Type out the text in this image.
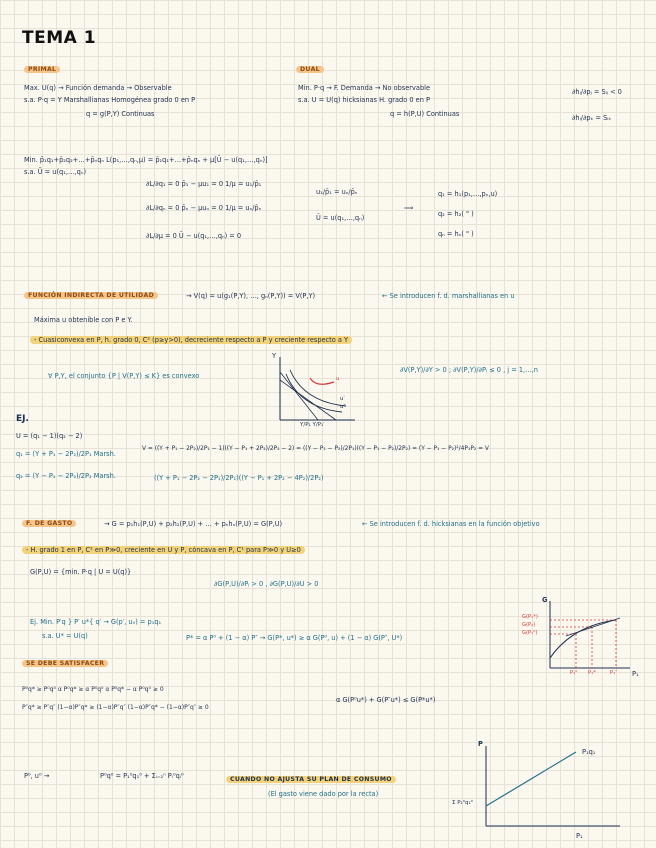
TEMA 1
PRIMAL
Max. U(q) → Función demanda → Observable
s.a. P·q = Y Marshallianas Homogénea grado 0 en P
q = g(P,Y) Continuas
DUAL
Min. P·q → F. Demanda → No observable
s.a. U = U(q) hicksianas H. grado 0 en P
q = h(P,U) Continuas
∂hᵢ/∂pⱼ = Sᵢⱼ < 0
∂hᵢ/∂pₖ = Sᵢₖ
Min. p̄₁q₁+p̄₂q₂+…+p̄ₙqₙ L(p₁,…,qₙ,μ) = p̄₁q₁+…+p̄ₙqₙ + μ[Ū − u(q₁,…,qₙ)]
s.a. Ū = u(q₁,…,qₙ)
∂L/∂q₁ = 0 p̄₁ − μu₁ = 0 1/μ = u₁/p̄₁
∂L/∂qₙ = 0 p̄ₙ − μuₙ = 0 1/μ = uₙ/p̄ₙ
∂L/∂μ = 0 Ū − u(q₁,…,qₙ) = 0
u₁/p̄₁ = uₙ/p̄ₙ
Ū = u(q₁,…,qₙ)
⟹
q₁ = h₁(p₁,…,pₙ,u)
q₂ = h₂( " )
qₙ = hₙ( " )
FUNCIÓN INDIRECTA DE UTILIDAD	→ V(q) = u(g₁(P,Y), …, gₙ(P,Y)) = V(P,Y)	← Se introducen f. d. marshallianas en u
Máxima u obtenible con P e Y.
- Cuasiconvexa en P, h. grado 0, C² (p≥y>0), decreciente respecto a P y creciente respecto a Y
∀ P,Y, el conjunto {P | V(P,Y) ≤ K} es convexo
∂V(P,Y)/∂Y > 0 ; ∂V(P,Y)/∂Pⱼ ≤ 0 , j = 1,…,n
Y
Y/P₁ Y/P₁′
u
u′
u″
EJ.
U = (q₁ − 1)(q₂ − 2)
q₁ = (Y + P₁ − 2P₂)/2P₁ Marsh.
q₂ = (Y − P₁ − 2P₂)/2P₂ Marsh.
V = ((Y + P₁ − 2P₂)/2P₁ − 1)((Y − P₁ + 2P₂)/2P₂ − 2) = ((Y − P₁ − P₂)/2P₁)((Y − P₁ − P₂)/2P₂) = (Y − P₁ − P₂)²/4P₁P₂ = V
((Y + P₁ − 2P₂ − 2P₁)/2P₁)((Y − P₁ + 2P₂ − 4P₂)/2P₂)
F. DE GASTO	→ G = p₁h₁(P,U) + p₂h₂(P,U) + … + pₙhₙ(P,U) = G(P,U)	← Se introducen f. d. hicksianas en la función objetivo
- H. grado 1 en P, C² en P≫0, creciente en U y P, cóncava en P, C¹ para P≫0 y U≥0
G(P,U) = {min. P·q | U = U(q)}
∂G(P,U)/∂Pⱼ > 0 , ∂G(P,U)/∂U > 0
Ej. Min. P′q } P′ u*{ q′ → G(p′, u₀) = p₁q₁
s.a. U* = U(q)	P* = α P⁰ + (1 − α) P″ → G(P*, u*) ≥ α G(P⁰, u) + (1 − α) G(P″, U*)
G
G(P₁*)
G(P₂)
G(P₁⁰)
P₁⁰ P₁*	P₁″ P₁
SE DEBE SATISFACER
P⁰q* ≥ P⁰q⁰ α P⁰q* ≥ α P⁰q⁰ α P⁰q* − α P⁰q⁰ ≥ 0
P″q* ≥ P″q″ (1−α)P″q* ≥ (1−α)P″q″ (1−α)P″q* − (1−α)P″q″ ≥ 0
α G(P⁰u*) + G(P″u*) ≤ G(P*u*)
P⁰, u⁰ →	P⁰q⁰ = P₁⁰q₁⁰ + Σᵢ₌₂ⁿ Pᵢ⁰qᵢ⁰	CUANDO NO AJUSTA SU PLAN DE CONSUMO
(El gasto viene dado por la recta)
P
P₁
Σ P₁⁰q₁⁰
P₁q₁
